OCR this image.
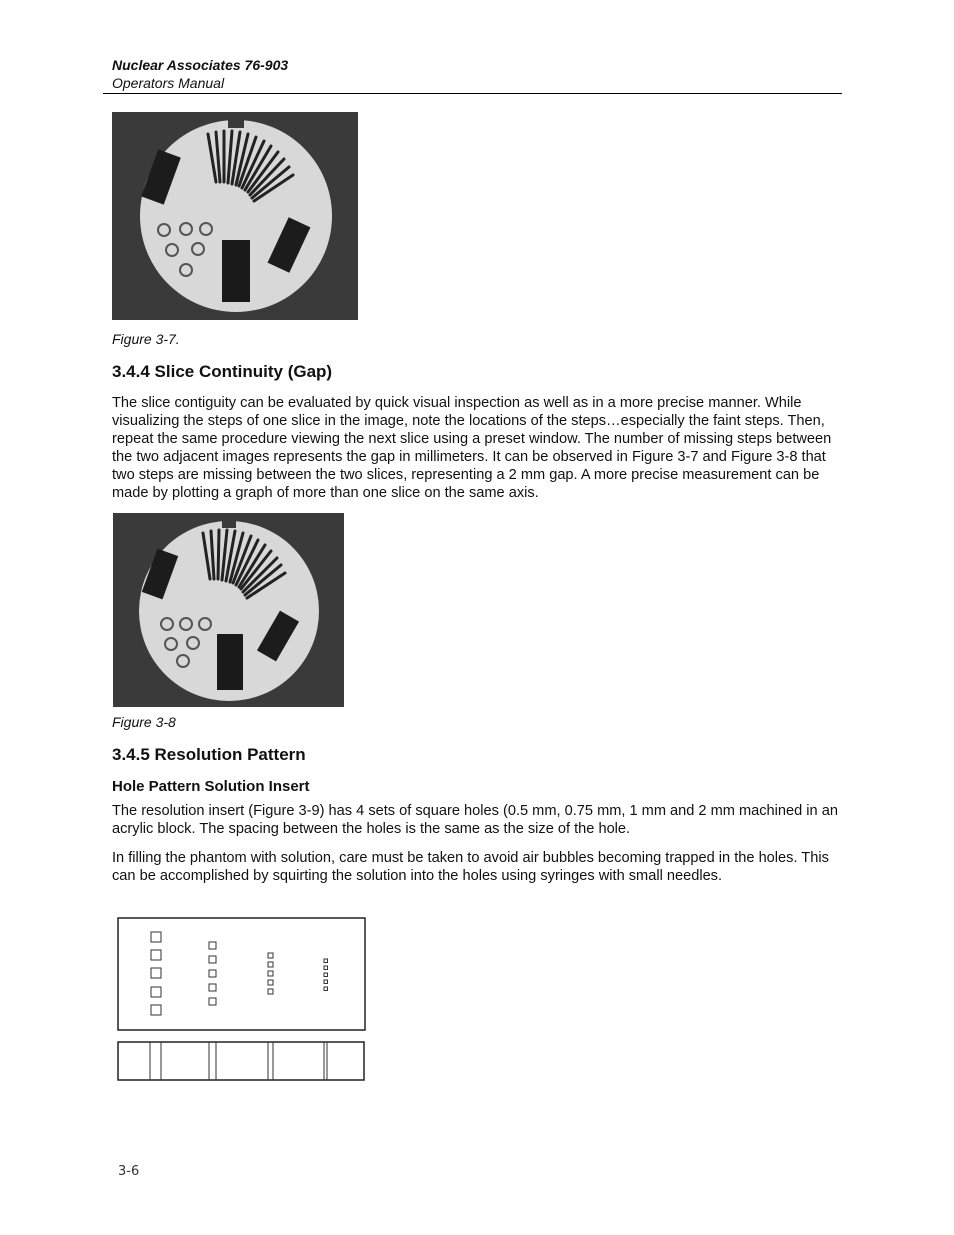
Nuclear Associates 76-903
Operators Manual
Figure 3-7.
3.4.4 Slice Continuity (Gap)

The slice contiguity can be evaluated by quick visual inspection as well as in a more precise manner. While visualizing the steps of one slice in the image, note the locations of the steps…especially the faint steps. Then, repeat the same procedure viewing the next slice using a preset window. The number of missing steps between the two adjacent images represents the gap in millimeters. It can be observed in Figure 3-7 and Figure 3-8 that two steps are missing between the two slices, representing a 2 mm gap. A more precise measurement can be made by plotting a graph of more than one slice on the same axis.

Figure 3-8
3.4.5 Resolution Pattern
Hole Pattern Solution Insert

The resolution insert (Figure 3-9) has 4 sets of square holes (0.5 mm, 0.75 mm, 1 mm and 2 mm machined in an acrylic block. The spacing between the holes is the same as the size of the hole.

In filling the phantom with solution, care must be taken to avoid air bubbles becoming trapped in the holes. This can be accomplished by squirting the solution into the holes using syringes with small needles.

3-6
